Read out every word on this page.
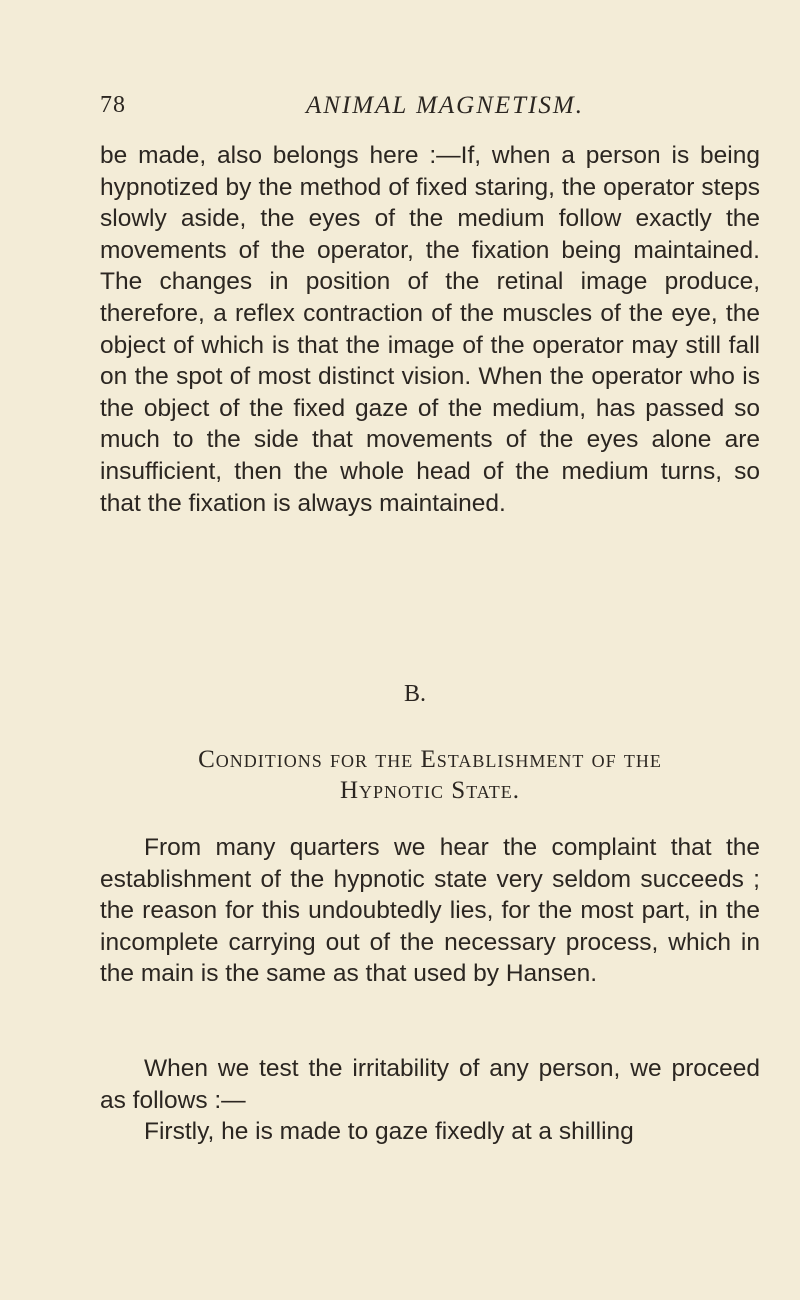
78	ANIMAL MAGNETISM.

be made, also belongs here :—If, when a person is being hypnotized by the method of fixed staring, the operator steps slowly aside, the eyes of the medium follow exactly the movements of the operator, the fixation being maintained. The changes in position of the retinal image produce, therefore, a reflex contraction of the muscles of the eye, the object of which is that the image of the operator may still fall on the spot of most distinct vision. When the operator who is the object of the fixed gaze of the medium, has passed so much to the side that movements of the eyes alone are insufficient, then the whole head of the medium turns, so that the fixation is always maintained.

B.
Conditions for the Establishment of the
Hypnotic State.

From many quarters we hear the complaint that the establishment of the hypnotic state very seldom succeeds ; the reason for this undoubtedly lies, for the most part, in the incomplete carrying out of the necessary process, which in the main is the same as that used by Hansen.

When we test the irritability of any person, we proceed as follows :—

Firstly, he is made to gaze fixedly at a shilling
